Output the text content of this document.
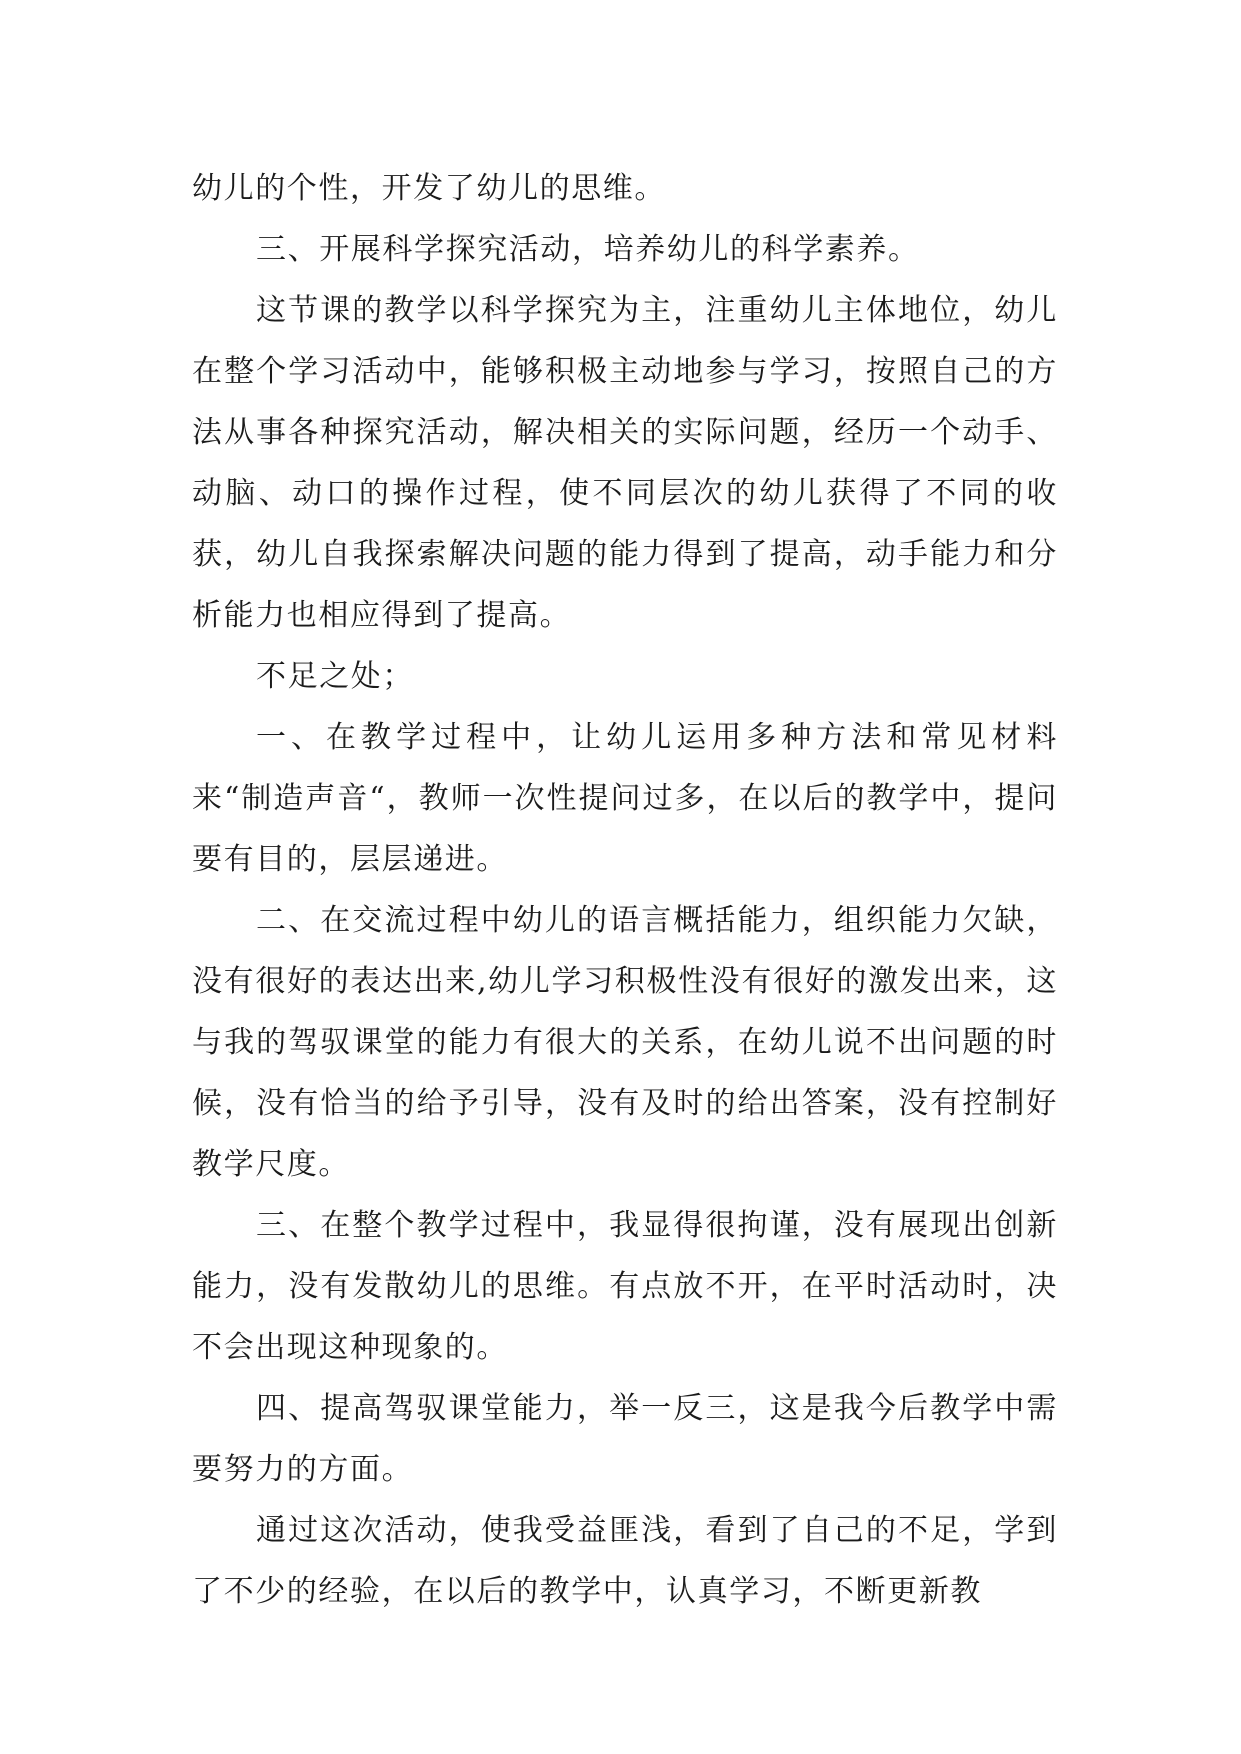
幼儿的个性，开发了幼儿的思维。

三、开展科学探究活动，培养幼儿的科学素养。

这节课的教学以科学探究为主，注重幼儿主体地位，幼儿在整个学习活动中，能够积极主动地参与学习，按照自己的方法从事各种探究活动，解决相关的实际问题，经历一个动手、动脑、动口的操作过程，使不同层次的幼儿获得了不同的收获，幼儿自我探索解决问题的能力得到了提高，动手能力和分析能力也相应得到了提高。

不足之处；

一、在教学过程中，让幼儿运用多种方法和常见材料来“制造声音“，教师一次性提问过多，在以后的教学中，提问要有目的，层层递进。

二、在交流过程中幼儿的语言概括能力，组织能力欠缺，没有很好的表达出来,幼儿学习积极性没有很好的激发出来，这与我的驾驭课堂的能力有很大的关系，在幼儿说不出问题的时候，没有恰当的给予引导，没有及时的给出答案，没有控制好教学尺度。

三、在整个教学过程中，我显得很拘谨，没有展现出创新能力，没有发散幼儿的思维。有点放不开，在平时活动时，决不会出现这种现象的。

四、提高驾驭课堂能力，举一反三，这是我今后教学中需要努力的方面。

通过这次活动，使我受益匪浅，看到了自己的不足，学到了不少的经验，在以后的教学中，认真学习，不断更新教
